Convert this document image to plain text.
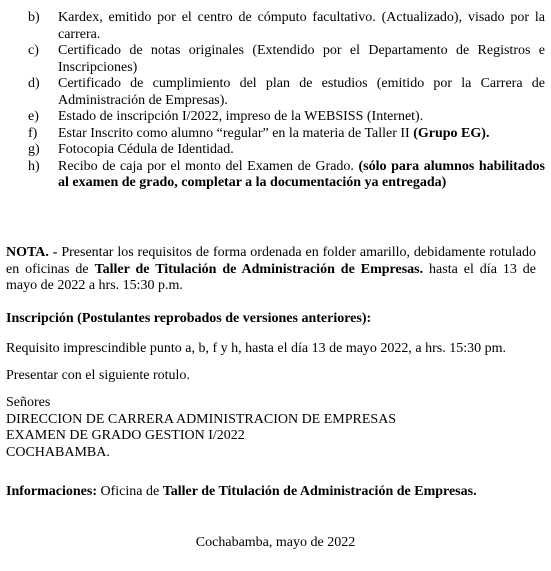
b)	Kardex, emitido por el centro de cómputo facultativo. (Actualizado), visado por la carrera.
c)	Certificado de notas originales (Extendido por el Departamento de Registros e Inscripciones)
d)	Certificado de cumplimiento del plan de estudios (emitido por la Carrera de Administración de Empresas).
e)	Estado de inscripción I/2022, impreso de la WEBSISS (Internet).
f)	Estar Inscrito como alumno “regular” en la materia de Taller II (Grupo EG).
g)	Fotocopia Cédula de Identidad.
h)	Recibo de caja por el monto del Examen de Grado. (sólo para alumnos habilitados al examen de grado, completar a la documentación ya entregada)

NOTA. - Presentar los requisitos de forma ordenada en folder amarillo, debidamente rotulado en oficinas de Taller de Titulación de Administración de Empresas. hasta el día 13 de mayo de 2022 a hrs. 15:30 p.m.

Inscripción (Postulantes reprobados de versiones anteriores):

Requisito imprescindible punto a, b, f y h, hasta el día 13 de mayo 2022, a hrs. 15:30 pm.

Presentar con el siguiente rotulo.

Señores
DIRECCION DE CARRERA ADMINISTRACION DE EMPRESAS
EXAMEN DE GRADO GESTION I/2022
COCHABAMBA.

Informaciones: Oficina de Taller de Titulación de Administración de Empresas.

Cochabamba, mayo de 2022
